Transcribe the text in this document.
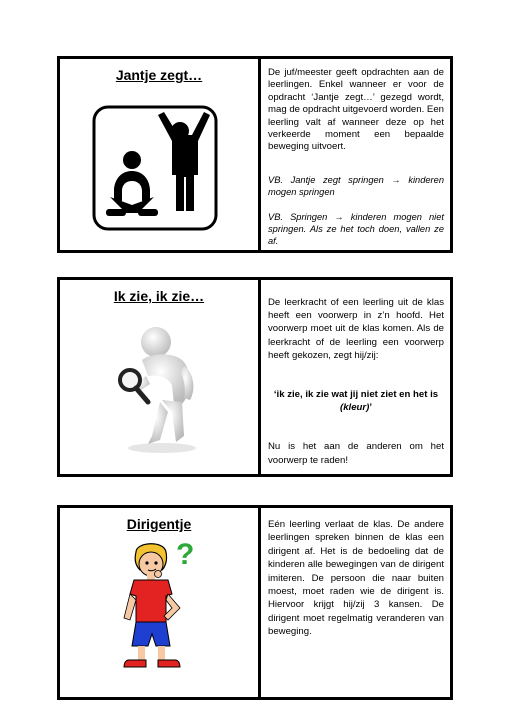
Jantje zegt…	De juf/meester geeft opdrachten aan de leerlingen. Enkel wanneer er voor de opdracht ‘Jantje zegt…’ gezegd wordt, mag de opdracht uitgevoerd worden. Een leerling valt af wanneer deze op het verkeerde moment een bepaalde beweging uitvoert.

VB. Jantje zegt springen → kinderen mogen springen

VB. Springen → kinderen mogen niet springen. Als ze het toch doen, vallen ze af.

Ik zie, ik zie…	De leerkracht of een leerling uit de klas heeft een voorwerp in z’n hoofd. Het voorwerp moet uit de klas komen. Als de leerkracht of de leerling een voorwerp heeft gekozen, zegt hij/zij:

‘ik zie, ik zie wat jij niet ziet en het is
(kleur)’

Nu is het aan de anderen om het voorwerp te raden!

Dirigentje
?

Eén leerling verlaat de klas. De andere leerlingen spreken binnen de klas een dirigent af. Het is de bedoeling dat de kinderen alle bewegingen van de dirigent imiteren. De persoon die naar buiten moest, moet raden wie de dirigent is. Hiervoor krijgt hij/zij 3 kansen. De dirigent moet regelmatig veranderen van beweging.
